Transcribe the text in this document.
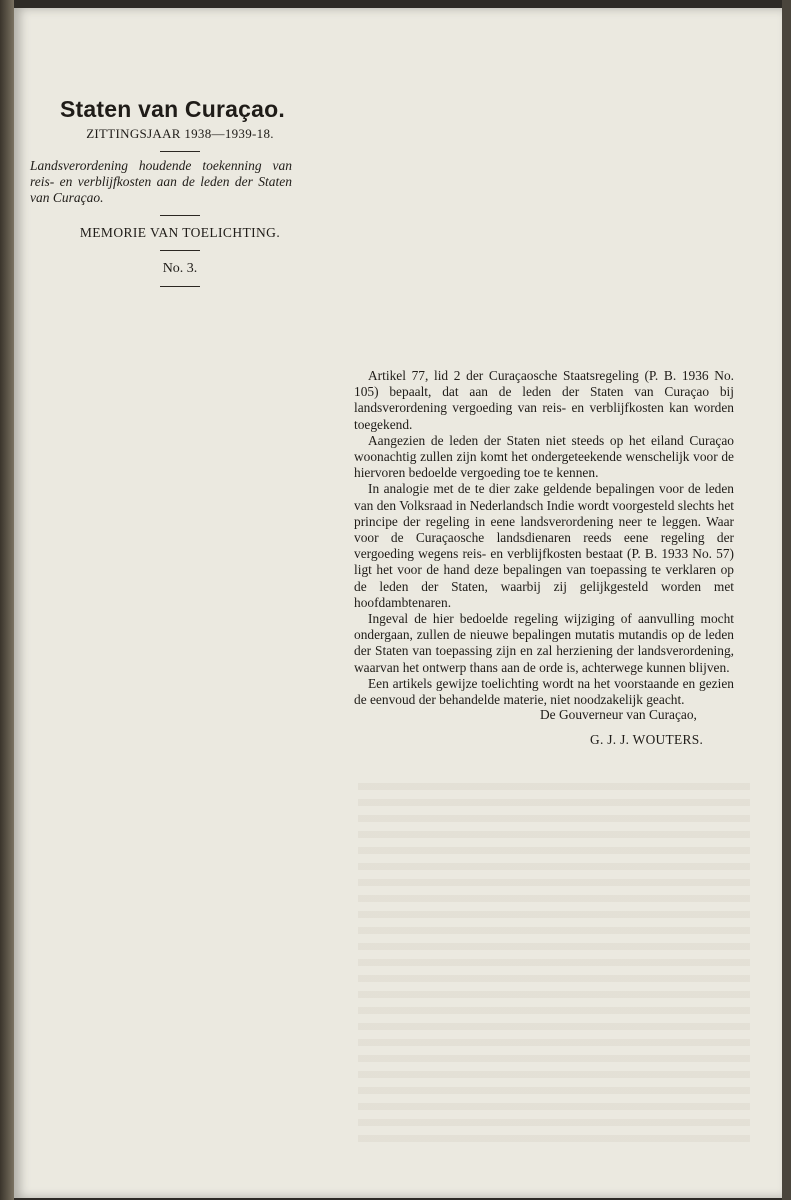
Staten van Curaçao.
ZITTINGSJAAR 1938—1939-18.
Landsverordening houdende toekenning van reis- en verblijfkosten aan de leden der Staten van Curaçao.
MEMORIE VAN TOELICHTING.
No. 3.

Artikel 77, lid 2 der Curaçaosche Staatsregeling (P. B. 1936 No. 105) bepaalt, dat aan de leden der Staten van Curaçao bij landsverordening vergoeding van reis- en verblijfkosten kan worden toegekend.

Aangezien de leden der Staten niet steeds op het eiland Curaçao woonachtig zullen zijn komt het ondergeteekende wenschelijk voor de hiervoren bedoelde vergoeding toe te kennen.

In analogie met de te dier zake geldende bepalingen voor de leden van den Volksraad in Nederlandsch Indie wordt voorgesteld slechts het principe der regeling in eene landsverordening neer te leggen. Waar voor de Curaçaosche landsdienaren reeds eene regeling der vergoeding wegens reis- en verblijfkosten bestaat (P. B. 1933 No. 57) ligt het voor de hand deze bepalingen van toepassing te verklaren op de leden der Staten, waarbij zij gelijkgesteld worden met hoofdambtenaren.

Ingeval de hier bedoelde regeling wijziging of aanvulling mocht ondergaan, zullen de nieuwe bepalingen mutatis mutandis op de leden der Staten van toepassing zijn en zal herziening der landsverordening, waarvan het ontwerp thans aan de orde is, achterwege kunnen blijven.

Een artikels gewijze toelichting wordt na het voorstaande en gezien de eenvoud der behandelde materie, niet noodzakelijk geacht.

De Gouverneur van Curaçao,
G. J. J. WOUTERS.
